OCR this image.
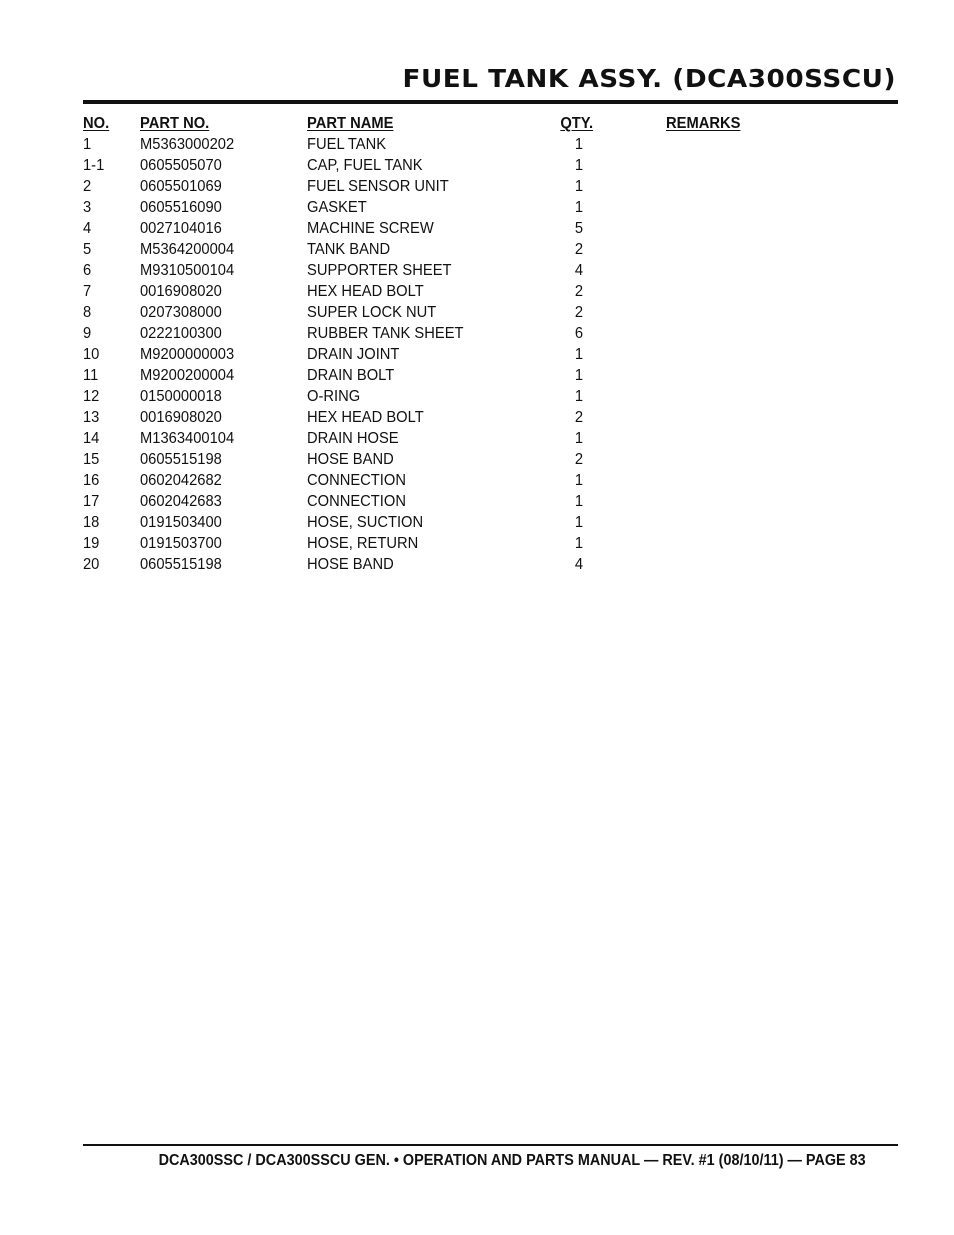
FUEL TANK ASSY. (DCA300SSCU)
NO. PART NO.	PART NAME	QTY.	REMARKS
1	M5363000202	FUEL TANK	1
1-1 0605505070	CAP, FUEL TANK	1
2	0605501069	FUEL SENSOR UNIT	1
3	0605516090	GASKET	1
4	0027104016	MACHINE SCREW	5
5	M5364200004	TANK BAND	2
6	M9310500104	SUPPORTER SHEET	4
7	0016908020	HEX HEAD BOLT	2
8	0207308000	SUPER LOCK NUT	2
9	0222100300	RUBBER TANK SHEET	6
10	M9200000003	DRAIN JOINT	1
11	M9200200004	DRAIN BOLT	1
12	0150000018	O-RING	1
13	0016908020	HEX HEAD BOLT	2
14	M1363400104	DRAIN HOSE	1
15	0605515198	HOSE BAND	2
16	0602042682	CONNECTION	1
17	0602042683	CONNECTION	1
18	0191503400	HOSE, SUCTION	1
19	0191503700	HOSE, RETURN	1
20	0605515198	HOSE BAND	4
DCA300SSC / DCA300SSCU GEN. • OPERATION AND PARTS MANUAL — REV. #1 (08/10/11) — PAGE 83
